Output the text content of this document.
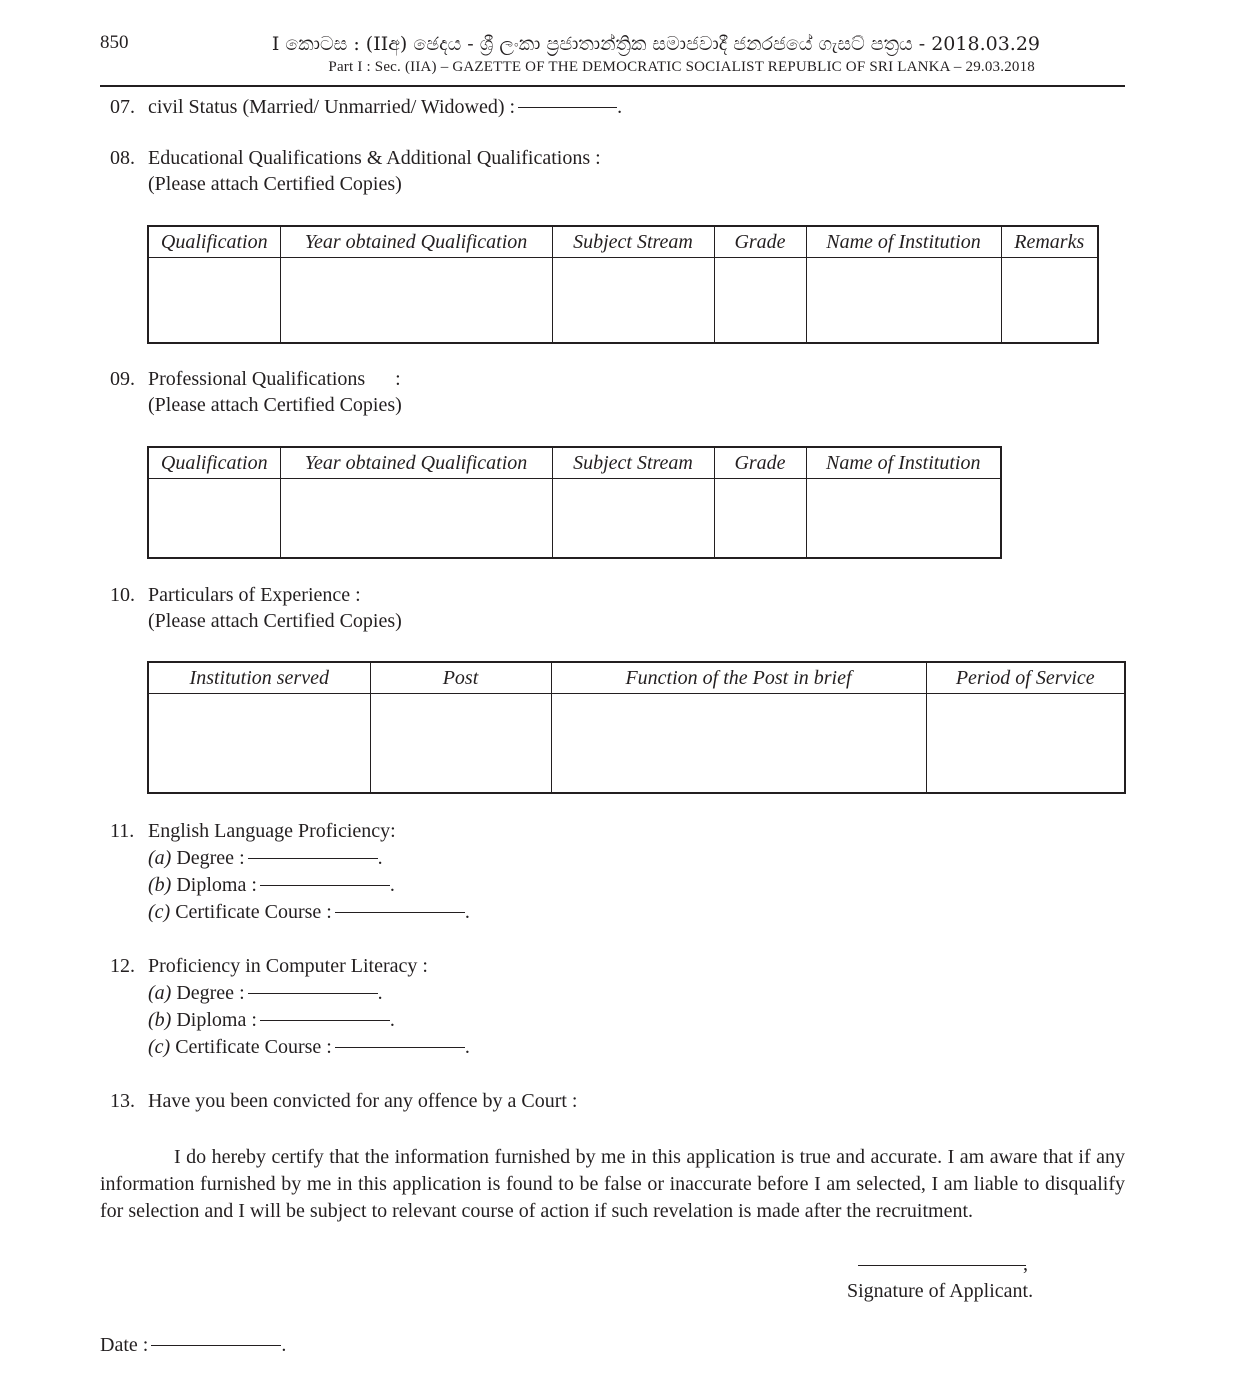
850	I කොටස : (IIඅ) ඡෙදය - ශ්‍රී ලංකා ප්‍රජාතාන්ත්‍රික සමාජවාදී ජනරජයේ ගැසට් පත්‍රය - 2018.03.29
Part I : Sec. (IIA) – GAZETTE OF THE DEMOCRATIC SOCIALIST REPUBLIC OF SRI LANKA – 29.03.2018
07. civil Status (Married/ Unmarried/ Widowed) :	.
08. Educational Qualifications & Additional Qualifications :
(Please attach Certified Copies)
Qualification	Year obtained Qualification	Subject Stream	Grade	Name of Institution	Remarks

09. Professional Qualifications      :
(Please attach Certified Copies)
Qualification	Year obtained Qualification	Subject Stream	Grade	Name of Institution

10. Particulars of Experience :
(Please attach Certified Copies)
Institution served	Post	Function of the Post in brief	Period of Service

11. English Language Proficiency:
(a) Degree :	.
(b) Diploma :	.
(c) Certificate Course :	.
12. Proficiency in Computer Literacy :
(a) Degree :	.
(b) Diploma :	.
(c) Certificate Course :	.
13. Have you been convicted for any offence by a Court :
I do hereby certify that the information furnished by me in this application is true and accurate. I am aware that if any information furnished by me in this application is found to be false or inaccurate before I am selected, I am liable to disqualify for selection and I will be subject to relevant course of action if such revelation is made after the recruitment.
,
Signature of Applicant.
Date :	.
